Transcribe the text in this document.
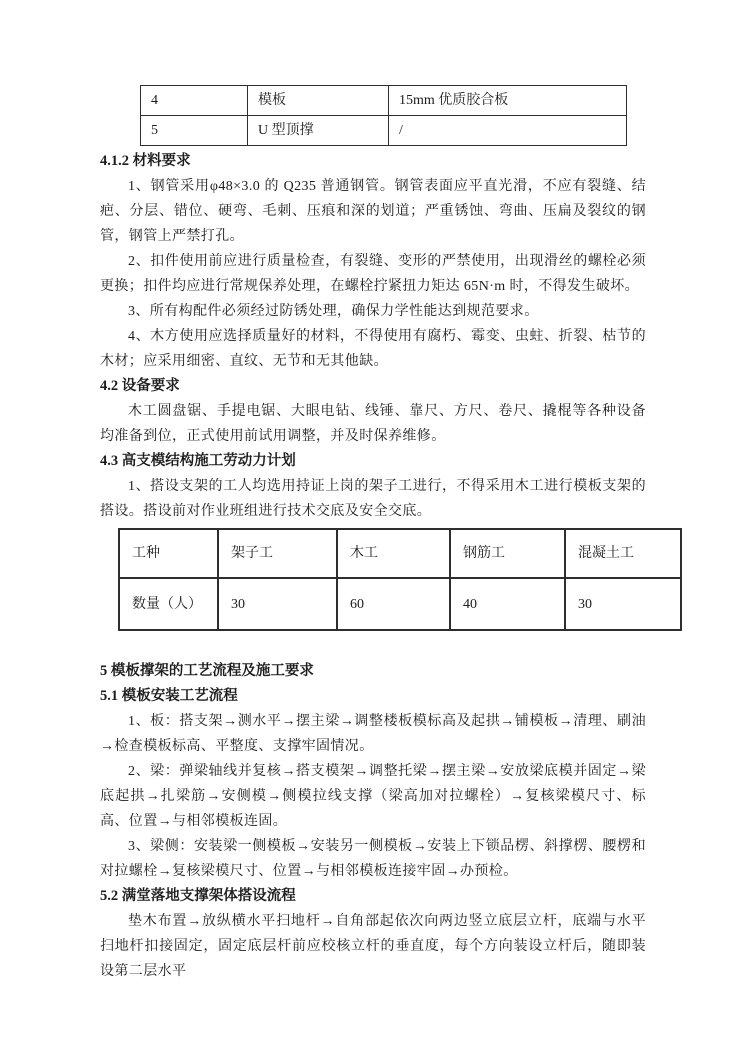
4	模板	15mm 优质胶合板
5	U 型顶撑	/

4.1.2 材料要求

1、钢管采用φ48×3.0 的 Q235 普通钢管。钢管表面应平直光滑，不应有裂缝、结疤、分层、错位、硬弯、毛刺、压痕和深的划道；严重锈蚀、弯曲、压扁及裂纹的钢管，钢管上严禁打孔。

2、扣件使用前应进行质量检查，有裂缝、变形的严禁使用，出现滑丝的螺栓必须更换；扣件均应进行常规保养处理，在螺栓拧紧扭力矩达 65N·m 时，不得发生破坏。

3、所有构配件必须经过防锈处理，确保力学性能达到规范要求。

4、木方使用应选择质量好的材料，不得使用有腐朽、霉变、虫蛀、折裂、枯节的木材；应采用细密、直纹、无节和无其他缺。

4.2 设备要求

木工圆盘锯、手提电锯、大眼电钻、线锤、靠尺、方尺、卷尺、撬棍等各种设备均准备到位，正式使用前试用调整，并及时保养维修。

4.3 高支模结构施工劳动力计划

1、搭设支架的工人均选用持证上岗的架子工进行，不得采用木工进行模板支架的搭设。搭设前对作业班组进行技术交底及安全交底。

工种	架子工	木工	钢筋工	混凝土工
数量（人）	30	60	40	30

5 模板撑架的工艺流程及施工要求

5.1 模板安装工艺流程

1、板：搭支架→测水平→摆主梁→调整楼板模标高及起拱→铺模板→清理、刷油→检查模板标高、平整度、支撑牢固情况。

2、梁：弹梁轴线并复核→搭支模架→调整托梁→摆主梁→安放梁底模并固定→梁底起拱→扎梁筋→安侧模→侧模拉线支撑（梁高加对拉螺栓）→复核梁模尺寸、标高、位置→与相邻模板连固。

3、梁侧：安装梁一侧模板→安装另一侧模板→安装上下锁品楞、斜撑楞、腰楞和对拉螺栓→复核梁模尺寸、位置→与相邻模板连接牢固→办预检。

5.2 满堂落地支撑架体搭设流程

垫木布置→放纵横水平扫地杆→自角部起依次向两边竖立底层立杆，底端与水平扫地杆扣接固定，固定底层杆前应校核立杆的垂直度，每个方向装设立杆后，随即装设第二层水平
